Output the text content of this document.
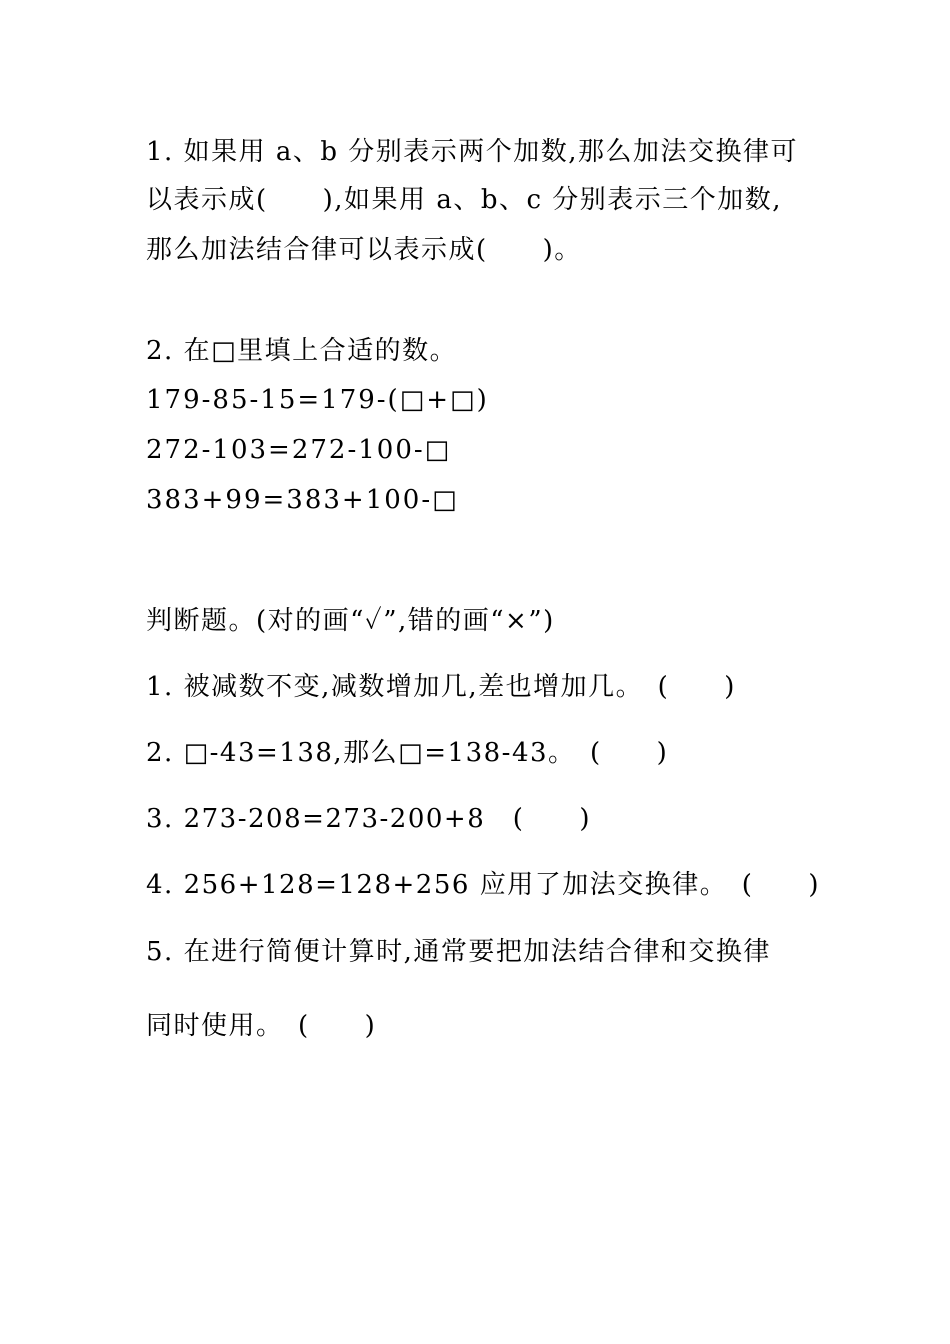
1. 如果用 a、b 分别表示两个加数,那么加法交换律可
以表示成(　　),如果用 a、b、c 分别表示三个加数,
那么加法结合律可以表示成(　　)。
2. 在□里填上合适的数。
179-85-15=179-(□+□)
272-103=272-100-□
383+99=383+100-□
判断题。(对的画“✓”,错的画“×”)
1. 被减数不变,减数增加几,差也增加几。　(　　)
2. □-43=138,那么□=138-43。　(　　)
3. 273-208=273-200+8　(　　)
4. 256+128=128+256 应用了加法交换律。　(　　)
5. 在进行简便计算时,通常要把加法结合律和交换律
同时使用。　(　　)
